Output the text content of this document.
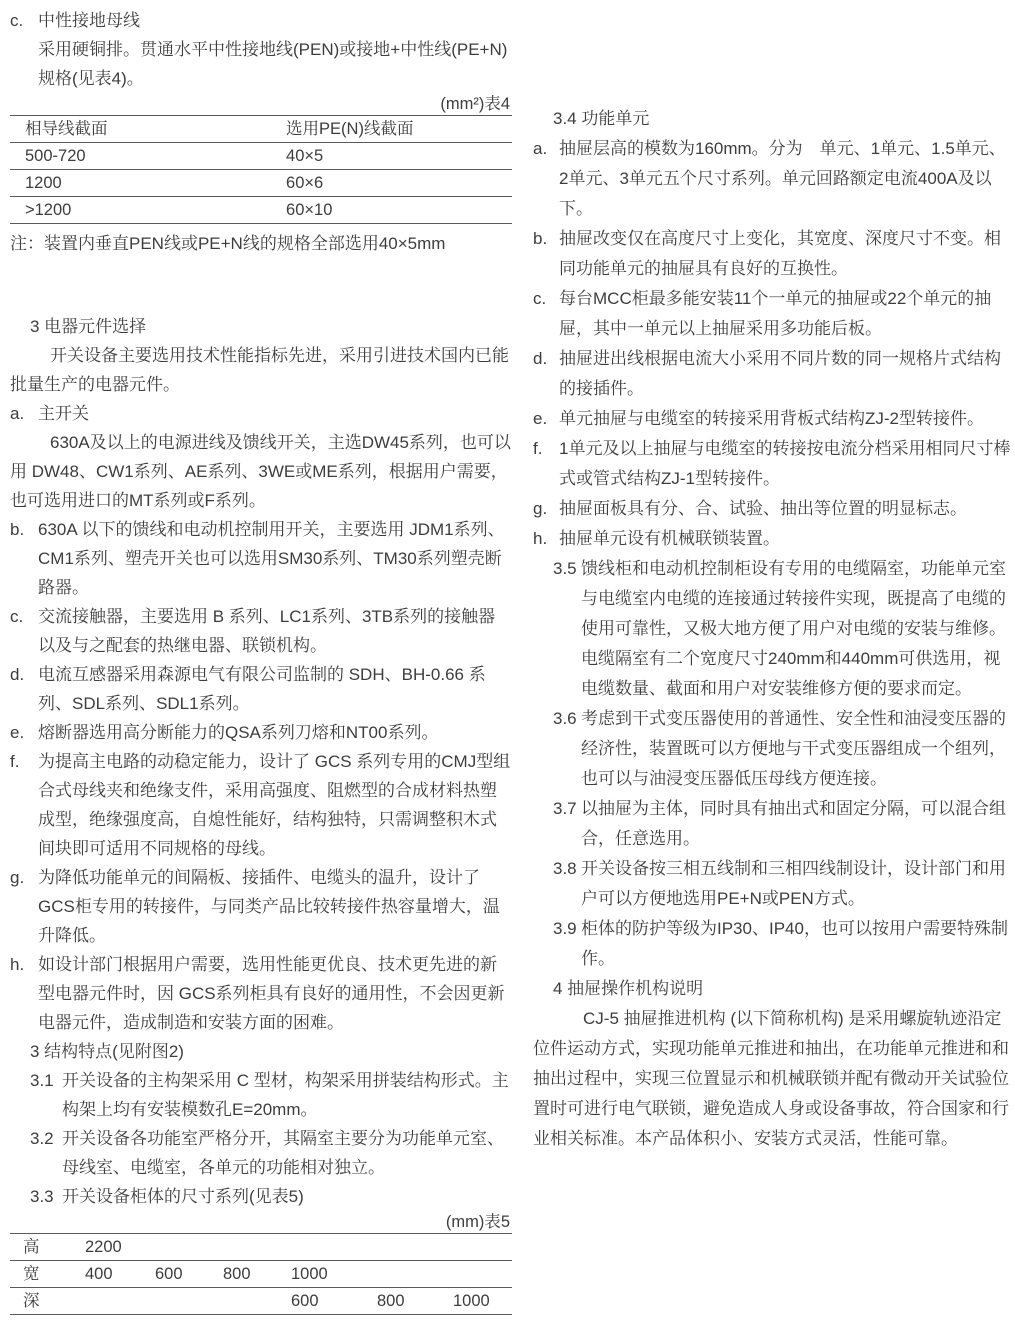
c. 中性接地母线

采用硬铜排。贯通水平中性接地线(PEN)或接地+中性线(PE+N)规格(见表4)。

(mm²)表4

相导线截面	选用PE(N)线截面
500-720	40×5
1200	60×6
>1200	60×10

注：装置内垂直PEN线或PE+N线的规格全部选用40×5mm

3 电器元件选择

开关设备主要选用技术性能指标先进，采用引进技术国内已能批量生产的电器元件。

a. 主开关

630A及以上的电源进线及馈线开关，主选DW45系列，也可以用 DW48、CW1系列、AE系列、3WE或ME系列，根据用户需要，也可选用进口的MT系列或F系列。

b. 630A 以下的馈线和电动机控制用开关，主要选用 JDM1系列、CM1系列、塑壳开关也可以选用SM30系列、TM30系列塑壳断路器。

c. 交流接触器，主要选用 B 系列、LC1系列、3TB系列的接触器以及与之配套的热继电器、联锁机构。

d. 电流互感器采用森源电气有限公司监制的 SDH、BH-0.66 系列、SDL系列、SDL1系列。

e. 熔断器选用高分断能力的QSA系列刀熔和NT00系列。

f. 为提高主电路的动稳定能力，设计了 GCS 系列专用的CMJ型组合式母线夹和绝缘支件，采用高强度、阻燃型的合成材料热塑成型，绝缘强度高，自熄性能好，结构独特，只需调整积木式间块即可适用不同规格的母线。

g. 为降低功能单元的间隔板、接插件、电缆头的温升，设计了 GCS柜专用的转接件，与同类产品比较转接件热容量增大，温升降低。

h. 如设计部门根据用户需要，选用性能更优良、技术更先进的新型电器元件时，因 GCS系列柜具有良好的通用性，不会因更新电器元件，造成制造和安装方面的困难。

3 结构特点(见附图2)

3.1 开关设备的主构架采用 C 型材，构架采用拼装结构形式。主构架上均有安装模数孔E=20mm。

3.2 开关设备各功能室严格分开，其隔室主要分为功能单元室、母线室、电缆室，各单元的功能相对独立。

3.3 开关设备柜体的尺寸系列(见表5)

(mm)表5

高	2200					
宽	400	600	800	1000		
深				600	800	1000

3.4 功能单元

a. 抽屉层高的模数为160mm。分为　单元、1单元、1.5单元、2单元、3单元五个尺寸系列。单元回路额定电流400A及以下。

b. 抽屉改变仅在高度尺寸上变化，其宽度、深度尺寸不变。相同功能单元的抽屉具有良好的互换性。

c. 每台MCC柜最多能安装11个一单元的抽屉或22个单元的抽屉，其中一单元以上抽屉采用多功能后板。

d. 抽屉进出线根据电流大小采用不同片数的同一规格片式结构的接插件。

e. 单元抽屉与电缆室的转接采用背板式结构ZJ-2型转接件。

f. 1单元及以上抽屉与电缆室的转接按电流分档采用相同尺寸棒式或管式结构ZJ-1型转接件。

g. 抽屉面板具有分、合、试验、抽出等位置的明显标志。

h. 抽屉单元设有机械联锁装置。

3.5 馈线柜和电动机控制柜设有专用的电缆隔室，功能单元室与电缆室内电缆的连接通过转接件实现，既提高了电缆的使用可靠性，又极大地方便了用户对电缆的安装与维修。电缆隔室有二个宽度尺寸240mm和440mm可供选用，视电缆数量、截面和用户对安装维修方便的要求而定。

3.6 考虑到干式变压器使用的普通性、安全性和油浸变压器的经济性，装置既可以方便地与干式变压器组成一个组列，也可以与油浸变压器低压母线方便连接。

3.7 以抽屉为主体，同时具有抽出式和固定分隔，可以混合组合，任意选用。

3.8 开关设备按三相五线制和三相四线制设计，设计部门和用户可以方便地选用PE+N或PEN方式。

3.9 柜体的防护等级为IP30、IP40，也可以按用户需要特殊制作。

4 抽屉操作机构说明

CJ-5 抽屉推进机构 (以下简称机构) 是采用螺旋轨迹沿定位件运动方式，实现功能单元推进和抽出，在功能单元推进和和抽出过程中，实现三位置显示和机械联锁并配有微动开关试验位置时可进行电气联锁，避免造成人身或设备事故，符合国家和行业相关标准。本产品体积小、安装方式灵活，性能可靠。
